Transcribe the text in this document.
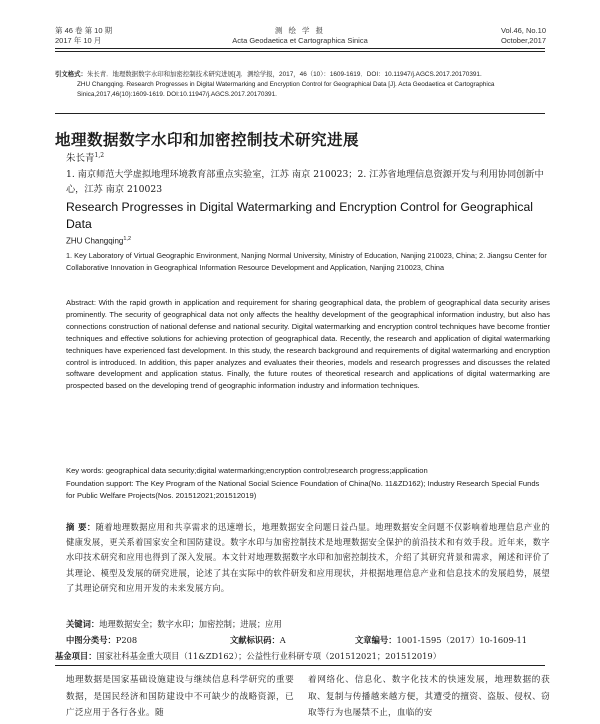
第 46 卷 第 10 期
2017 年 10 月
测 绘 学 报
Acta Geodaetica et Cartographica Sinica
Vol.46, No.10
October,2017
引文格式：朱长青．地理数据数字水印和加密控制技术研究进展[J]．测绘学报，2017，46（10）：1609-1619．DOI：10.11947/j.AGCS.2017.20170391.

ZHU Changqing. Research Progresses in Digital Watermarking and Encryption Control for Geographical Data [J]. Acta Geodaetica et Cartographica Sinica,2017,46(10):1609-1619. DOI:10.11947/j.AGCS.2017.20170391.
地理数据数字水印和加密控制技术研究进展
朱长青$^{1,2}$
1. 南京师范大学虚拟地理环境教育部重点实验室，江苏 南京 210023；2. 江苏省地理信息资源开发与利用协同创新中心，江苏 南京 210023
Research Progresses in Digital Watermarking and Encryption Control for Geographical Data
ZHU Changqing$^{1,2}$
1. Key Laboratory of Virtual Geographic Environment, Nanjing Normal University, Ministry of Education, Nanjing 210023, China; 2. Jiangsu Center for Collaborative Innovation in Geographical Information Resource Development and Application, Nanjing 210023, China
Abstract: With the rapid growth in application and requirement for sharing geographical data, the problem of geographical data security arises prominently. The security of geographical data not only affects the healthy development of the geographical information industry, but also has connections construction of national defense and national security. Digital watermarking and encryption control techniques have become frontier techniques and effective solutions for achieving protection of geographical data. Recently, the research and application of digital watermarking techniques have experienced fast development. In this study, the research background and requirements of digital watermarking and encryption control is introduced. In addition, this paper analyzes and evaluates their theories, models and research progresses and discusses the related software development and application status. Finally, the future routes of theoretical research and applications of digital watermarking are prospected based on the developing trend of geographic information industry and information techniques.
Key words: geographical data security;digital watermarking;encryption control;research progress;application
Foundation support: The Key Program of the National Social Science Foundation of China(No. 11&ZD162); Industry Research Special Funds for Public Welfare Projects(Nos. 201512021;201512019)
摘 要：随着地理数据应用和共享需求的迅速增长，地理数据安全问题日益凸显。地理数据安全问题不仅影响着地理信息产业的健康发展，更关系着国家安全和国防建设。数字水印与加密控制技术是地理数据安全保护的前沿技术和有效手段。近年来，数字水印技术研究和应用也得到了深入发展。本文针对地理数据数字水印和加密控制技术，介绍了其研究背景和需求，阐述和评价了其理论、模型及发展的研究进展，论述了其在实际中的软件研发和应用现状，并根据地理信息产业和信息技术的发展趋势，展望了其理论研究和应用开发的未来发展方向。
关键词：地理数据安全；数字水印；加密控制；进展；应用
中图分类号：P208	文献标识码：A	文章编号：1001-1595（2017）10-1609-11
基金项目：国家社科基金重大项目（11&ZD162）；公益性行业科研专项（201512021；201512019）
地理数据是国家基础设施建设与继续信息科学研究的重要数据，是国民经济和国防建设中不可缺少的战略资源，已广泛应用于各行各业。随
着网络化、信息化、数字化技术的快速发展，地理数据的获取、复制与传播越来越方便，其遭受的擅资、盗版、侵权、窃取等行为也屡禁不止，血临的安
